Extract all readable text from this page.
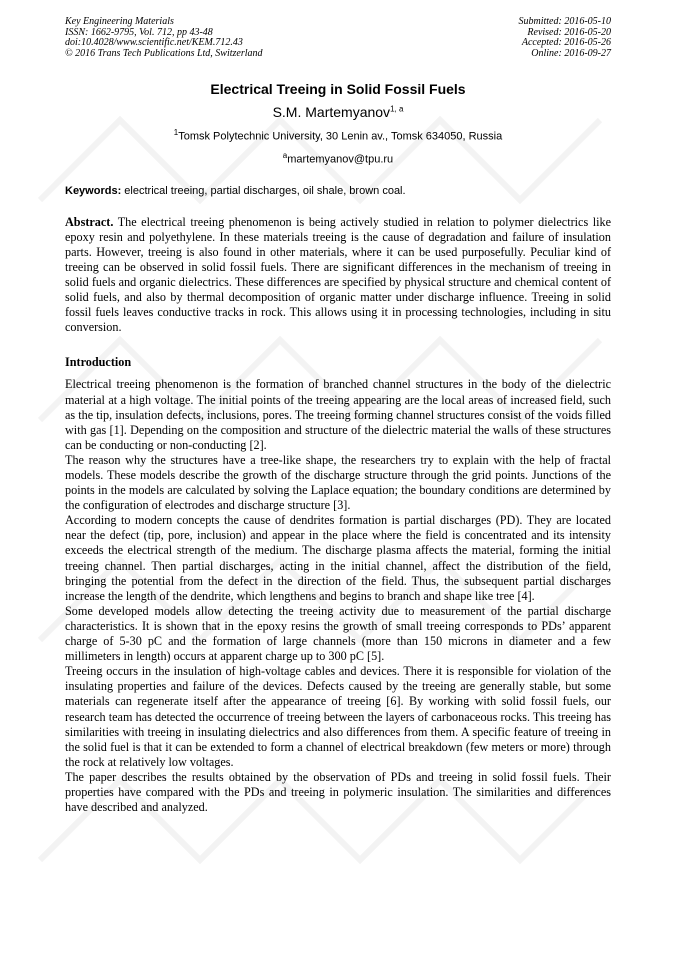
Key Engineering Materials
ISSN: 1662-9795, Vol. 712, pp 43-48
doi:10.4028/www.scientific.net/KEM.712.43
© 2016 Trans Tech Publications Ltd, Switzerland
Submitted: 2016-05-10
Revised: 2016-05-20
Accepted: 2016-05-26
Online: 2016-09-27
Electrical Treeing in Solid Fossil Fuels
S.M. Martemyanov$^{1, a}$
$^1$Tomsk Polytechnic University, 30 Lenin av., Tomsk 634050, Russia
$^a$martemyanov@tpu.ru
Keywords: electrical treeing, partial discharges, oil shale, brown coal.
Abstract. The electrical treeing phenomenon is being actively studied in relation to polymer dielectrics like epoxy resin and polyethylene. In these materials treeing is the cause of degradation and failure of insulation parts. However, treeing is also found in other materials, where it can be used purposefully. Peculiar kind of treeing can be observed in solid fossil fuels. There are significant differences in the mechanism of treeing in solid fuels and organic dielectrics. These differences are specified by physical structure and chemical content of solid fuels, and also by thermal decomposition of organic matter under discharge influence. Treeing in solid fossil fuels leaves conductive tracks in rock. This allows using it in processing technologies, including in situ conversion.
Introduction

Electrical treeing phenomenon is the formation of branched channel structures in the body of the dielectric material at a high voltage. The initial points of the treeing appearing are the local areas of increased field, such as the tip, insulation defects, inclusions, pores. The treeing forming channel structures consist of the voids filled with gas [1]. Depending on the composition and structure of the dielectric material the walls of these structures can be conducting or non-conducting [2].

The reason why the structures have a tree-like shape, the researchers try to explain with the help of fractal models. These models describe the growth of the discharge structure through the grid points. Junctions of the points in the models are calculated by solving the Laplace equation; the boundary conditions are determined by the configuration of electrodes and discharge structure [3].

According to modern concepts the cause of dendrites formation is partial discharges (PD). They are located near the defect (tip, pore, inclusion) and appear in the place where the field is concentrated and its intensity exceeds the electrical strength of the medium. The discharge plasma affects the material, forming the initial treeing channel. Then partial discharges, acting in the initial channel, affect the distribution of the field, bringing the potential from the defect in the direction of the field. Thus, the subsequent partial discharges increase the length of the dendrite, which lengthens and begins to branch and shape like tree [4].

Some developed models allow detecting the treeing activity due to measurement of the partial discharge characteristics. It is shown that in the epoxy resins the growth of small treeing corresponds to PDs’ apparent charge of 5-30 pC and the formation of large channels (more than 150 microns in diameter and a few millimeters in length) occurs at apparent charge up to 300 pC [5].

Treeing occurs in the insulation of high-voltage cables and devices. There it is responsible for violation of the insulating properties and failure of the devices. Defects caused by the treeing are generally stable, but some materials can regenerate itself after the appearance of treeing [6]. By working with solid fossil fuels, our research team has detected the occurrence of treeing between the layers of carbonaceous rocks. This treeing has similarities with treeing in insulating dielectrics and also differences from them. A specific feature of treeing in the solid fuel is that it can be extended to form a channel of electrical breakdown (few meters or more) through the rock at relatively low voltages.

The paper describes the results obtained by the observation of PDs and treeing in solid fossil fuels. Their properties have compared with the PDs and treeing in polymeric insulation. The similarities and differences have described and analyzed.
